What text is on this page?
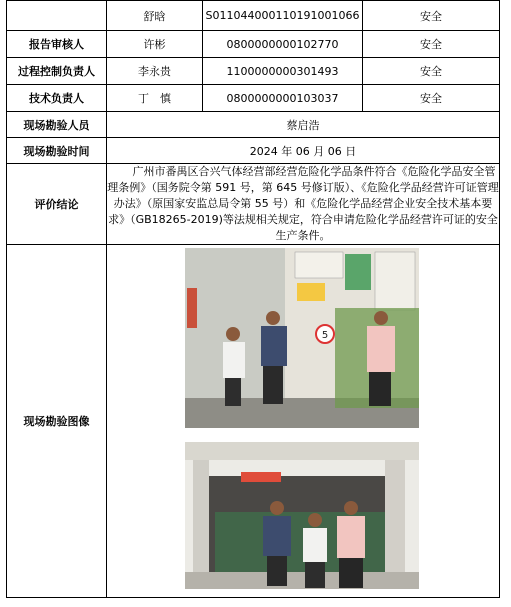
	舒晗	S01104400011019100​1066	安全
报告审核人	许彬	0800000000102770	安全
过程控制负责人	李永贵	1100000000301493	安全
技术负责人	丁　慎	0800000000103037	安全
现场勘验人员	蔡启浩		
现场勘验时间	2024 年 06 月 06 日		
评价结论	广州市番禺区合兴气体经营部经营危险化学品条件符合《危险化学品安全管理条例》（国务院令第 591 号，第 645 号修订版）、《危险化学品经营许可证管理办法》（原国家安监总局令第 55 号）和《危险化学品经营企业安全技术基本要求》（GB18265-2019)等法规相关规定，符合申请危险化学品经营许可证的安全生产条件。		
现场勘验图像	5		
